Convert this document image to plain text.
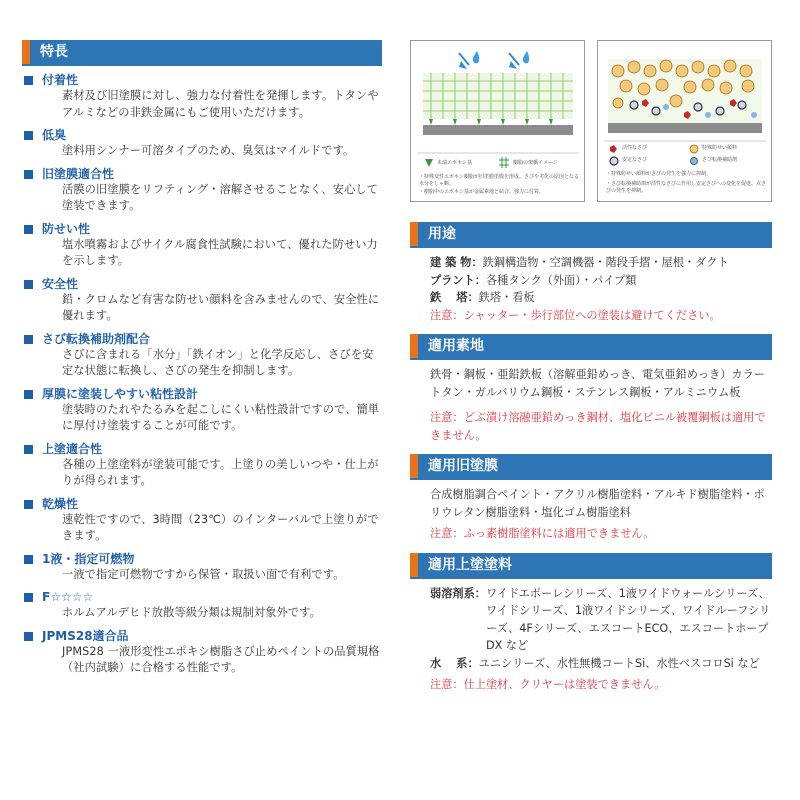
特長
付着性
素材及び旧塗膜に対し、強力な付着性を発揮します。トタンやアルミなどの非鉄金属にもご使用いただけます。
低臭
塗料用シンナー可溶タイプのため、臭気はマイルドです。
旧塗膜適合性
活膜の旧塗膜をリフティング・溶解させることなく、安心して塗装できます。
防せい性
塩水噴霧およびサイクル腐食性試験において、優れた防せい力を示します。
安全性
鉛・クロムなど有害な防せい顔料を含みませんので、安全性に優れます。
さび転換補助剤配合
さびに含まれる「水分」「鉄イオン」と化学反応し、さびを安定な状態に転換し、さびの発生を抑制します。
厚膜に塗装しやすい粘性設計
塗装時のたれやたるみを起こしにくい粘性設計ですので、簡単に厚付け塗装することが可能です。
上塗適合性
各種の上塗塗料が塗装可能です。上塗りの美しいつや・仕上がりが得られます。
乾燥性
速乾性ですので、3時間（23℃）のインターバルで上塗りができます。
1液・指定可燃物
一液で指定可燃物ですから保管・取扱い面で有利です。
F☆☆☆☆
ホルムアルデヒド放散等級分類は規制対象外です。
JPMS28適合品
JPMS28 一液形変性エポキシ樹脂さび止めペイントの品質規格（社内試験）に合格する性能です。
未端エポキシ基	樹脂の架橋イメージ
・特殊変性エポキシ樹脂が旧塗膜塗膜を形成。さびや劣化の原因となる水分をしゃ断。
・樹脂中のエポキシ基が金属素地と結合。強力に付着。
活性なさび	特殊防せい顔料
安定なさび	さび転換補助剤
・特殊防せい顔料がさびの発生を強力に抑制。
・さび転換補助剤が活性なさびに作用し安定さびへの変化を促進。点さびの発生を抑制。
用途
建 築 物： 鉄鋼構造物・空調機器・階段手摺・屋根・ダクト
プラント： 各種タンク（外面）・パイプ類
鉄　 塔： 鉄塔・看板
注意：シャッター・歩行部位への塗装は避けてください。
適用素地
鉄骨・鋼板・亜鉛鉄板（溶解亜鉛めっき、電気亜鉛めっき）カラートタン・ガルバリウム鋼板・ステンレス鋼板・アルミニウム板
注意：どぶ漬け溶融亜鉛めっき鋼材、塩化ビニル被覆鋼板は適用できません。
適用旧塗膜
合成樹脂調合ペイント・アクリル樹脂塗料・アルキド樹脂塗料・ポリウレタン樹脂塗料・塩化ゴム樹脂塗料
注意：ふっ素樹脂塗料には適用できません。
適用上塗塗料
弱溶剤系： ワイドエポーレシリーズ、1液ワイドウォールシリーズ、ワイドシリーズ、1液ワイドシリーズ、ワイドルーフシリーズ、4Fシリーズ、エスコートECO、エスコートホープDX など
水　 系： ユニシリーズ、水性無機コートSi、水性ベスコロSi など
注意：仕上塗材、クリヤーは塗装できません。
